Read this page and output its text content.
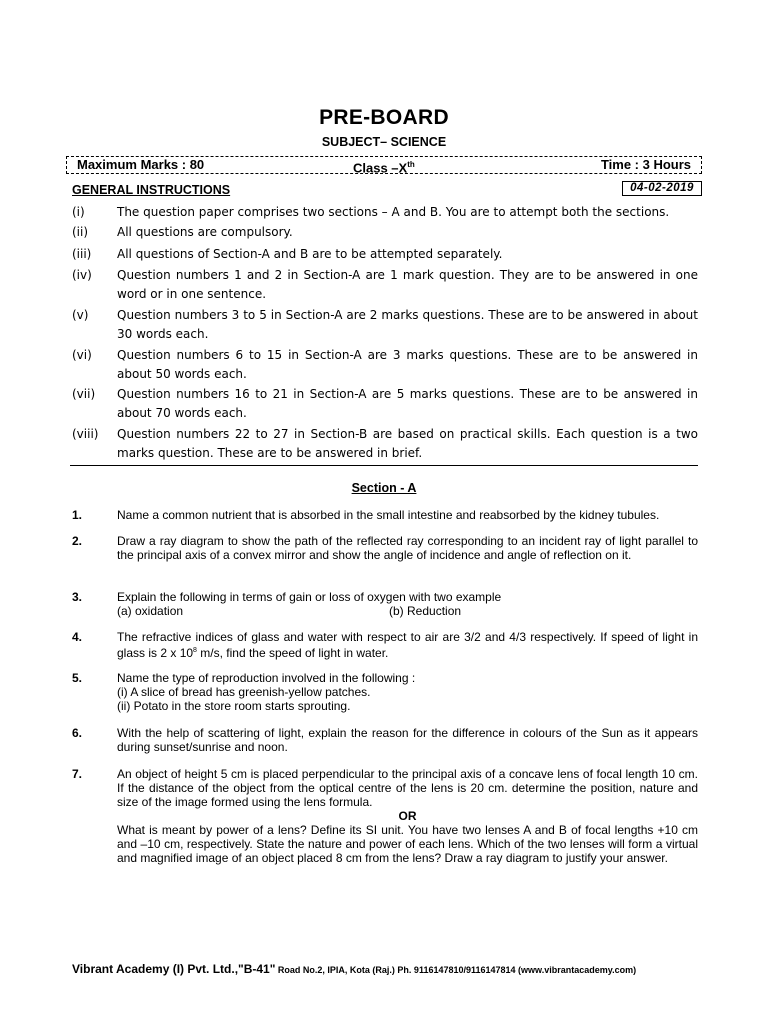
PRE-BOARD
SUBJECT– SCIENCE
Maximum Marks : 80	Class –Xth	Time : 3 Hours
GENERAL INSTRUCTIONS	04-02-2019
(i)	The question paper comprises two sections – A and B. You are to attempt both the sections.
(ii) All questions are compulsory.
(iii) All questions of Section-A and B are to be attempted separately.
(iv) Question numbers 1 and 2 in Section-A are 1 mark question. They are to be answered in one word or in one sentence.
(v) Question numbers 3 to 5 in Section-A are 2 marks questions. These are to be answered in about 30 words each.
(vi) Question numbers 6 to 15 in Section-A are 3 marks questions. These are to be answered in about 50 words each.
(vii) Question numbers 16 to 21 in Section-A are 5 marks questions. These are to be answered in about 70 words each.
(viii) Question numbers 22 to 27 in Section-B are based on practical skills. Each question is a two marks question. These are to be answered in brief.
Section - A
1.	Name a common nutrient that is absorbed in the small intestine and reabsorbed by the kidney tubules.
2.	Draw a ray diagram to show the path of the reflected ray corresponding to an incident ray of light parallel to the principal axis of a convex mirror and show the angle of incidence and angle of reflection on it.
3.	Explain the following in terms of gain or loss of oxygen with two example
(a) oxidation	(b) Reduction
4.	The refractive indices of glass and water with respect to air are 3/2 and 4/3 respectively. If speed of light in glass is 2 x $10^8$ m/s, find the speed of light in water.
5.	Name the type of reproduction involved in the following :
(i) A slice of bread has greenish-yellow patches.
(ii) Potato in the store room starts sprouting.
6.	With the help of scattering of light, explain the reason for the difference in colours of the Sun as it appears during sunset/sunrise and noon.
7.	An object of height 5 cm is placed perpendicular to the principal axis of a concave lens of focal length 10 cm. If the distance of the object from the optical centre of the lens is 20 cm. determine the position, nature and size of the image formed using the lens formula.
OR
What is meant by power of a lens? Define its SI unit. You have two lenses A and B of focal lengths +10 cm and –10 cm, respectively. State the nature and power of each lens. Which of the two lenses will form a virtual and magnified image of an object placed 8 cm from the lens? Draw a ray diagram to justify your answer.
Vibrant Academy (I) Pvt. Ltd.,"B-41" Road No.2, IPIA, Kota (Raj.) Ph. 9116147810/9116147814 (www.vibrantacademy.com)
